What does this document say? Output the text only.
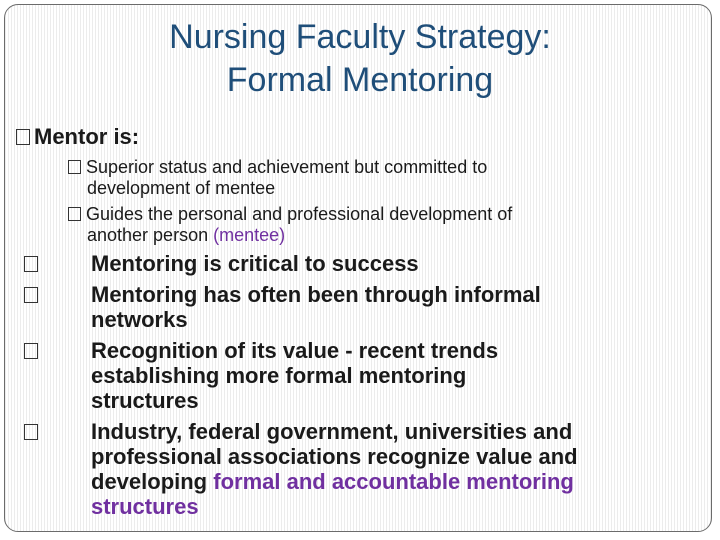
Nursing Faculty Strategy:
Formal Mentoring
Mentor is:
Superior status and achievement but committed to
development of mentee
Guides the personal and professional development of
another person (mentee)
Mentoring is critical to success
Mentoring has often been through informal
networks
Recognition of its value - recent trends
establishing more formal mentoring
structures
Industry, federal government, universities and
professional associations recognize value and
developing formal and accountable mentoring
structures
